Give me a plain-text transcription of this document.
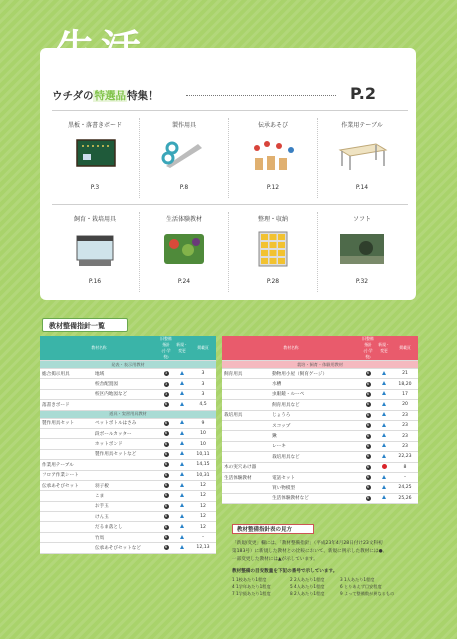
ウチダの特選品特集！	P.2
黒板・落書きボード
P.3
製作用具
P.8
伝承あそび
P.12
作業用テーブル
P.14
飼育・栽培用具
P.16
生活体験教材
P.24
整理・収納
P.28
ソフト
P.32
教材整備指針一覧
教材名称		旧整備指針 (小学校)	新規・ 変更	掲載頁
発表・表示用教材				
総合掲示用具	地域	3		3
	校舎配置図	3		3
	校区内地図など	3		3
落書きボード		6		4,5
道具・実習用具教材				
製作用具セット	ペットボトルはさみ	6		9
	段ボールカッター	6		10
	ホットボンド	6		10
	製作用具セットなど	6		10,11
作業用テーブル		6		14,15
フロア作業シート		6		10,31
伝承あそびセット	羽子板	6		12
	こま	6		12
	お手玉	6		12
	けん玉	6		12
	だるま落とし	6		12
	竹馬	6		–
	伝承あそびセットなど	6		12,13
教材名称		旧整備指針 (小学校)	新規・ 変更	掲載頁
栽培・飼育・体験用教材				
飼育用具	動物用小屋（飼育ゲージ）	6		21
	水槽	6		18,20
	虫眼鏡・ルーペ	6		17
	飼育用具など	6		20
栽培用具	じょうろ	6		23
	スコップ	6		23
	鍬	6		23
	レーキ	6		23
	栽培用具など	6		22,23
木の実穴あけ器		6		8
生活体験教材	電話セット	6		–
	買い物模型	6		24,25
	生活体験教材など	6		25,26
教材整備指針表の見方
「新規/変更」欄には、「教材整備指針」（平成23年4月28日付け23文科初
第183号）に新規した教材との比較において、新規に例示した教材には●、
一部変更した教材には▲が示しています。
教材整備の目安数量を下記の番号で示しています。
1 1校あたり1程度	2 2人あたり1程度	3 1人あたり1程度
4 1学年あたり1程度	5 4人あたり1程度	6 とりあえず目安程度
7 1学級あたり1程度	8 2人あたり1程度	9 よって整備数が異なるもの
